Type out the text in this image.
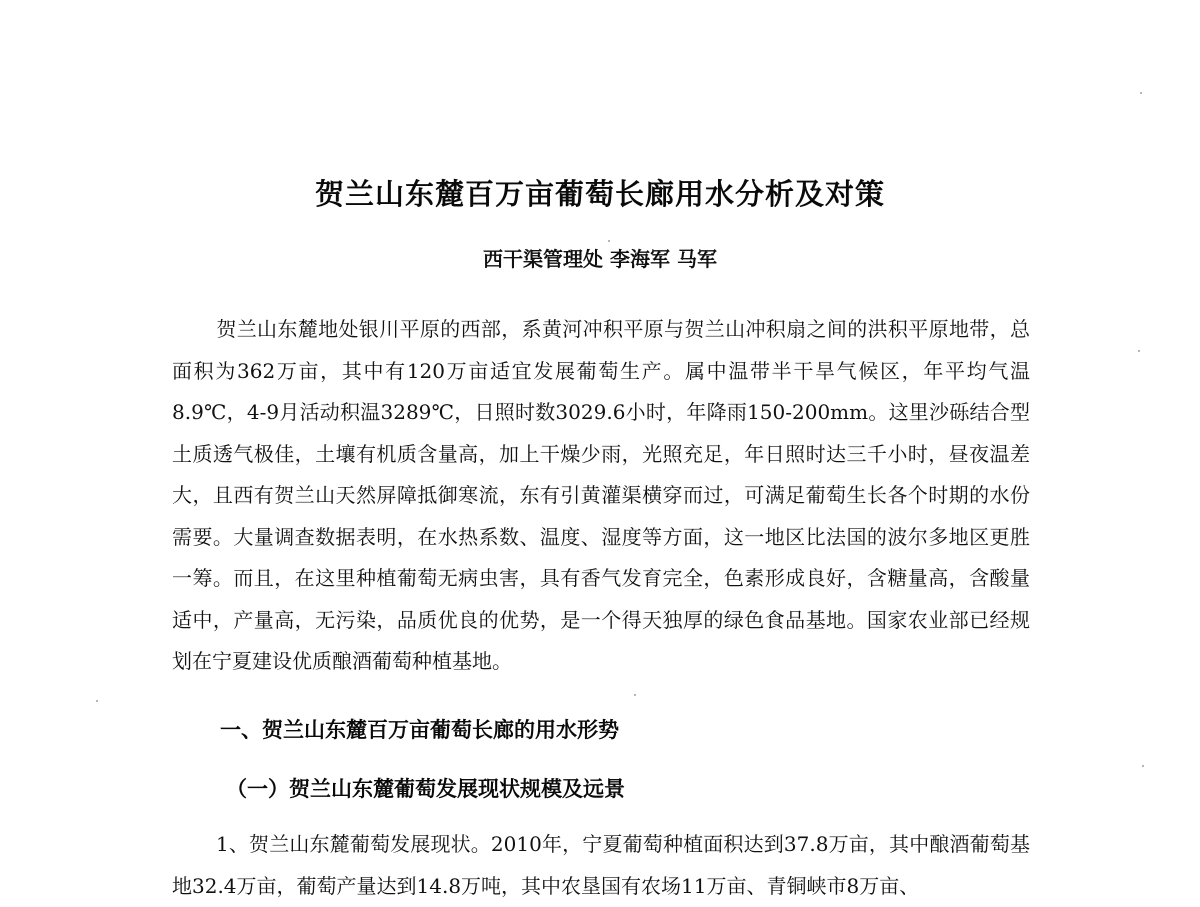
贺兰山东麓百万亩葡萄长廊用水分析及对策
西干渠管理处 李海军 马军
贺兰山东麓地处银川平原的西部，系黄河冲积平原与贺兰山冲积扇之间的洪积平原地带，总面积为362万亩，其中有120万亩适宜发展葡萄生产。属中温带半干旱气候区，年平均气温8.9℃，4-9月活动积温3289℃，日照时数3029.6小时，年降雨150-200mm。这里沙砾结合型土质透气极佳，土壤有机质含量高，加上干燥少雨，光照充足，年日照时达三千小时，昼夜温差大，且西有贺兰山天然屏障抵御寒流，东有引黄灌渠横穿而过，可满足葡萄生长各个时期的水份需要。大量调查数据表明，在水热系数、温度、湿度等方面，这一地区比法国的波尔多地区更胜一筹。而且，在这里种植葡萄无病虫害，具有香气发育完全，色素形成良好，含糖量高，含酸量适中，产量高，无污染，品质优良的优势，是一个得天独厚的绿色食品基地。国家农业部已经规划在宁夏建设优质酿酒葡萄种植基地。
一、贺兰山东麓百万亩葡萄长廊的用水形势
（一）贺兰山东麓葡萄发展现状规模及远景
1、贺兰山东麓葡萄发展现状。2010年，宁夏葡萄种植面积达到37.8万亩，其中酿酒葡萄基地32.4万亩，葡萄产量达到14.8万吨，其中农垦国有农场11万亩、青铜峡市8万亩、
